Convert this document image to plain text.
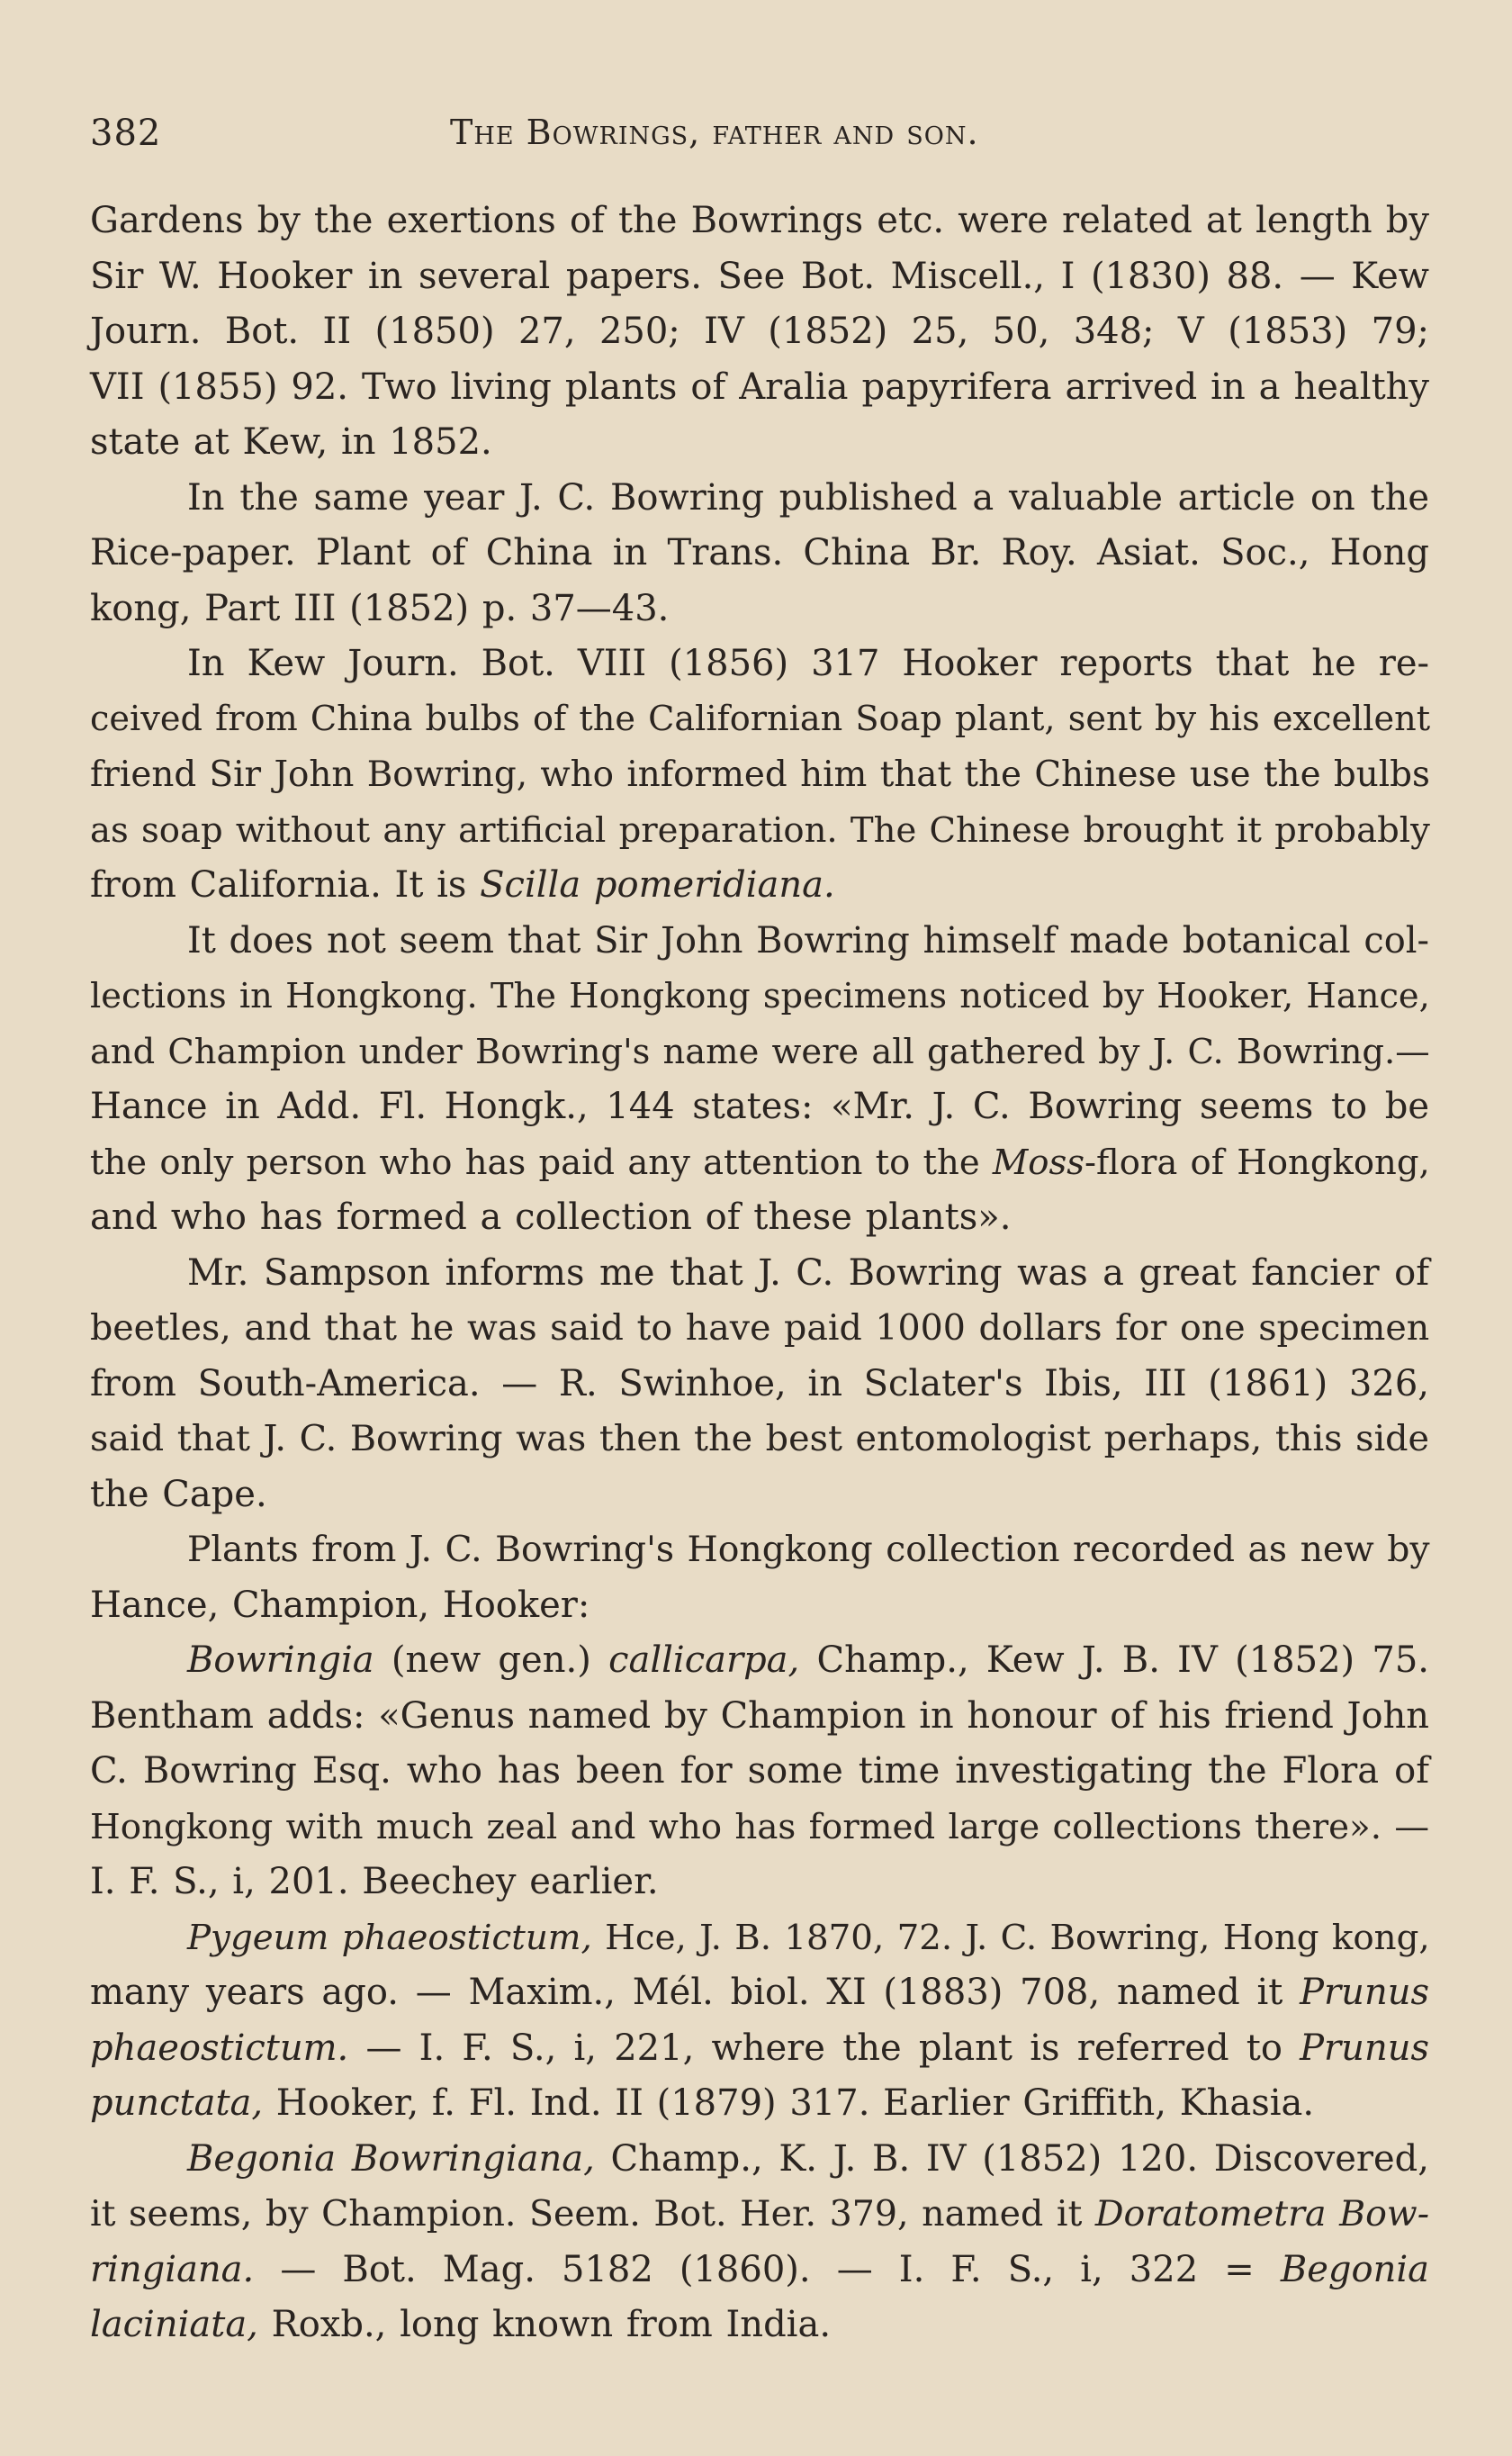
382	The Bowrings, father and son.
Gardens by the exertions of the Bowrings etc. were related at length by
Sir W. Hooker in several papers. See Bot. Miscell., I (1830) 88. — Kew
Journ. Bot. II (1850) 27, 250; IV (1852) 25, 50, 348; V (1853) 79;
VII (1855) 92. Two living plants of Aralia papyrifera arrived in a healthy
state at Kew, in 1852.
In the same year J. C. Bowring published a valuable article on the
Rice-paper. Plant of China in Trans. China Br. Roy. Asiat. Soc., Hong
kong, Part III (1852) p. 37—43.
In Kew Journ. Bot. VIII (1856) 317 Hooker reports that he re-
ceived from China bulbs of the Californian Soap plant, sent by his excellent
friend Sir John Bowring, who informed him that the Chinese use the bulbs
as soap without any artificial preparation. The Chinese brought it probably
from California. It is Scilla pomeridiana.
It does not seem that Sir John Bowring himself made botanical col-
lections in Hongkong. The Hongkong specimens noticed by Hooker, Hance,
and Champion under Bowring's name were all gathered by J. C. Bowring.—
Hance in Add. Fl. Hongk., 144 states: «Mr. J. C. Bowring seems to be
the only person who has paid any attention to the Moss-flora of Hongkong,
and who has formed a collection of these plants».
Mr. Sampson informs me that J. C. Bowring was a great fancier of
beetles, and that he was said to have paid 1000 dollars for one specimen
from South-America. — R. Swinhoe, in Sclater's Ibis, III (1861) 326,
said that J. C. Bowring was then the best entomologist perhaps, this side
the Cape.
Plants from J. C. Bowring's Hongkong collection recorded as new by
Hance, Champion, Hooker:
Bowringia (new gen.) callicarpa, Champ., Kew J. B. IV (1852) 75.
Bentham adds: «Genus named by Champion in honour of his friend John
C. Bowring Esq. who has been for some time investigating the Flora of
Hongkong with much zeal and who has formed large collections there». —
I. F. S., i, 201. Beechey earlier.
Pygeum phaeostictum, Hce, J. B. 1870, 72. J. C. Bowring, Hong kong,
many years ago. — Maxim., Mél. biol. XI (1883) 708, named it Prunus
phaeostictum. — I. F. S., i, 221, where the plant is referred to Prunus
punctata, Hooker, f. Fl. Ind. II (1879) 317. Earlier Griffith, Khasia.
Begonia Bowringiana, Champ., K. J. B. IV (1852) 120. Discovered,
it seems, by Champion. Seem. Bot. Her. 379, named it Doratometra Bow-
ringiana. — Bot. Mag. 5182 (1860). — I. F. S., i, 322 = Begonia
laciniata, Roxb., long known from India.
